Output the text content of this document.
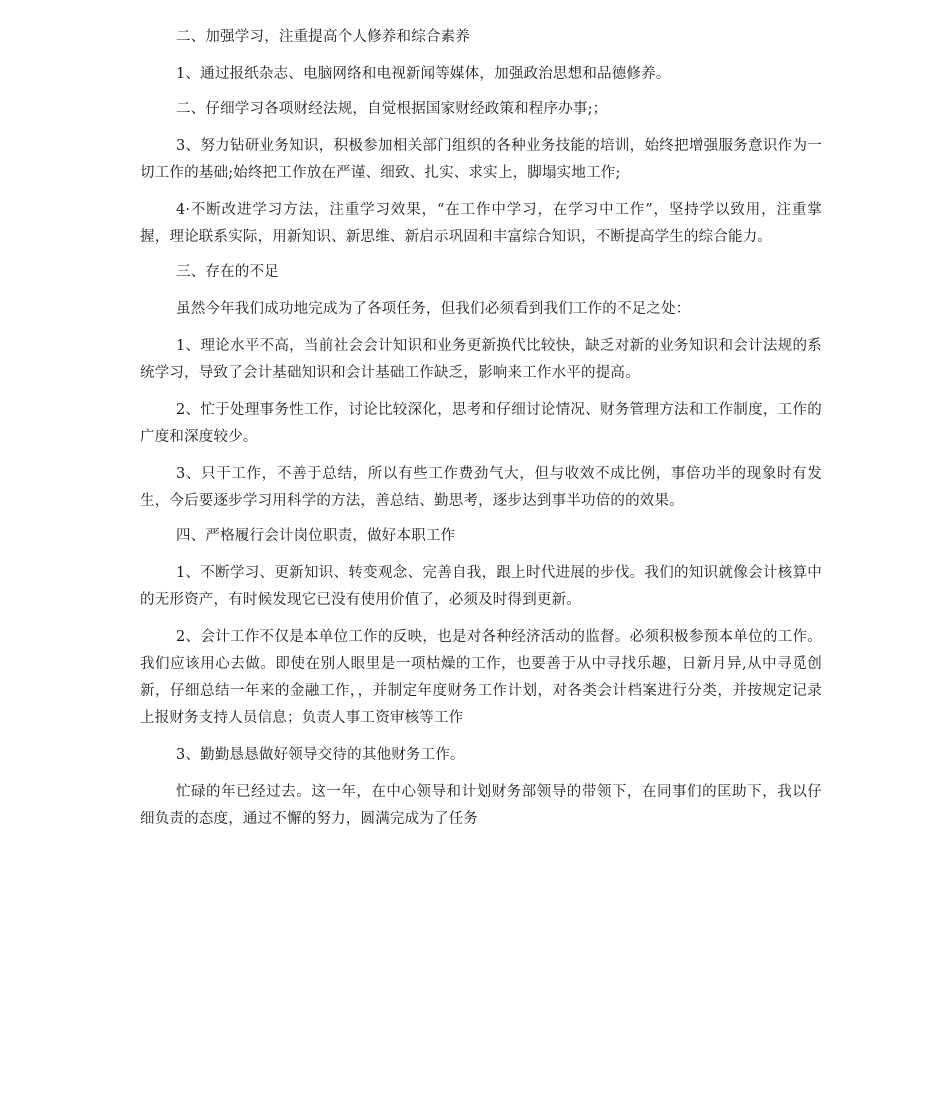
二、加强学习，注重提高个人修养和综合素养

1、通过报纸杂志、电脑网络和电视新闻等媒体，加强政治思想和品德修养。

二、仔细学习各项财经法规，自觉根据国家财经政策和程序办事;；

3、努力钻研业务知识，积极参加相关部门组织的各种业务技能的培训，始终把增强服务意识作为一切工作的基础;始终把工作放在严谨、细致、扎实、求实上，脚塌实地工作;

4·不断改进学习方法，注重学习效果，“在工作中学习，在学习中工作”，坚持学以致用，注重掌握，理论联系实际，用新知识、新思维、新启示巩固和丰富综合知识，不断提高学生的综合能力。

三、存在的不足

虽然今年我们成功地完成为了各项任务，但我们必须看到我们工作的不足之处：

1、理论水平不高，当前社会会计知识和业务更新换代比较快，缺乏对新的业务知识和会计法规的系统学习，导致了会计基础知识和会计基础工作缺乏，影响来工作水平的提高。

2、忙于处理事务性工作，讨论比较深化，思考和仔细讨论情况、财务管理方法和工作制度，工作的广度和深度较少。

3、只干工作，不善于总结，所以有些工作费劲气大，但与收效不成比例，事倍功半的现象时有发生，今后要逐步学习用科学的方法，善总结、勤思考，逐步达到事半功倍的的效果。

四、严格履行会计岗位职责，做好本职工作

1、不断学习、更新知识、转变观念、完善自我，跟上时代进展的步伐。我们的知识就像会计核算中的无形资产，有时候发现它已没有使用价值了，必须及时得到更新。

2、会计工作不仅是本单位工作的反映，也是对各种经济活动的监督。必须积极参预本单位的工作。我们应该用心去做。即使在别人眼里是一项枯燥的工作，也要善于从中寻找乐趣，日新月异,从中寻觅创新，仔细总结一年来的金融工作，，并制定年度财务工作计划，对各类会计档案进行分类，并按规定记录上报财务支持人员信息；负责人事工资审核等工作

3、勤勤恳恳做好领导交待的其他财务工作。

忙碌的年已经过去。这一年，在中心领导和计划财务部领导的带领下，在同事们的匡助下，我以仔细负责的态度，通过不懈的努力，圆满完成为了任务
